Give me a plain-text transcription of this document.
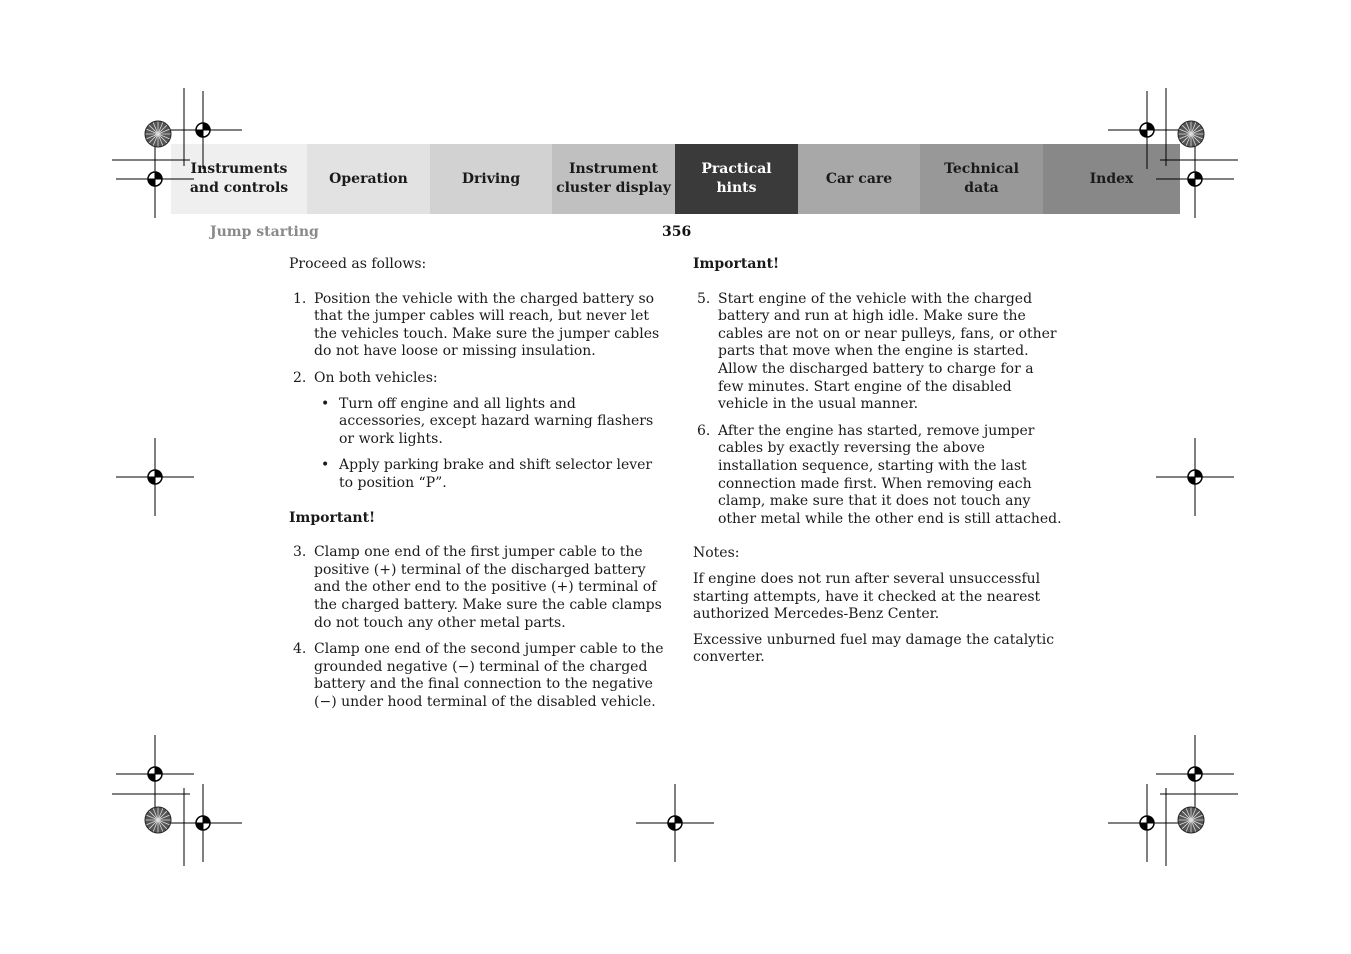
Instruments
and controls
Operation	Driving
Instrument
cluster display
Practical hints
Car care
Technical
data
Index
Jump starting	356

Proceed as follows:

1. Position the vehicle with the charged battery so that the jumper cables will reach, but never let the vehicles touch. Make sure the jumper cables do not have loose or missing insulation.
2. On both vehicles:
• Turn off engine and all lights and accessories, except hazard warning flashers or work lights.
• Apply parking brake and shift selector lever to position “P”.

Important!

3. Clamp one end of the first jumper cable to the positive (+) terminal of the discharged battery and the other end to the positive (+) terminal of the charged battery. Make sure the cable clamps do not touch any other metal parts.
4. Clamp one end of the second jumper cable to the grounded negative (−) terminal of the charged battery and the final connection to the negative (−) under hood terminal of the disabled vehicle.

Important!

5. Start engine of the vehicle with the charged battery and run at high idle. Make sure the cables are not on or near pulleys, fans, or other parts that move when the engine is started. Allow the discharged battery to charge for a few minutes. Start engine of the disabled vehicle in the usual manner.
6. After the engine has started, remove jumper cables by exactly reversing the above installation sequence, starting with the last connection made first. When removing each clamp, make sure that it does not touch any other metal while the other end is still attached.

Notes:

If engine does not run after several unsuccessful starting attempts, have it checked at the nearest authorized Mercedes-Benz Center.

Excessive unburned fuel may damage the catalytic converter.
